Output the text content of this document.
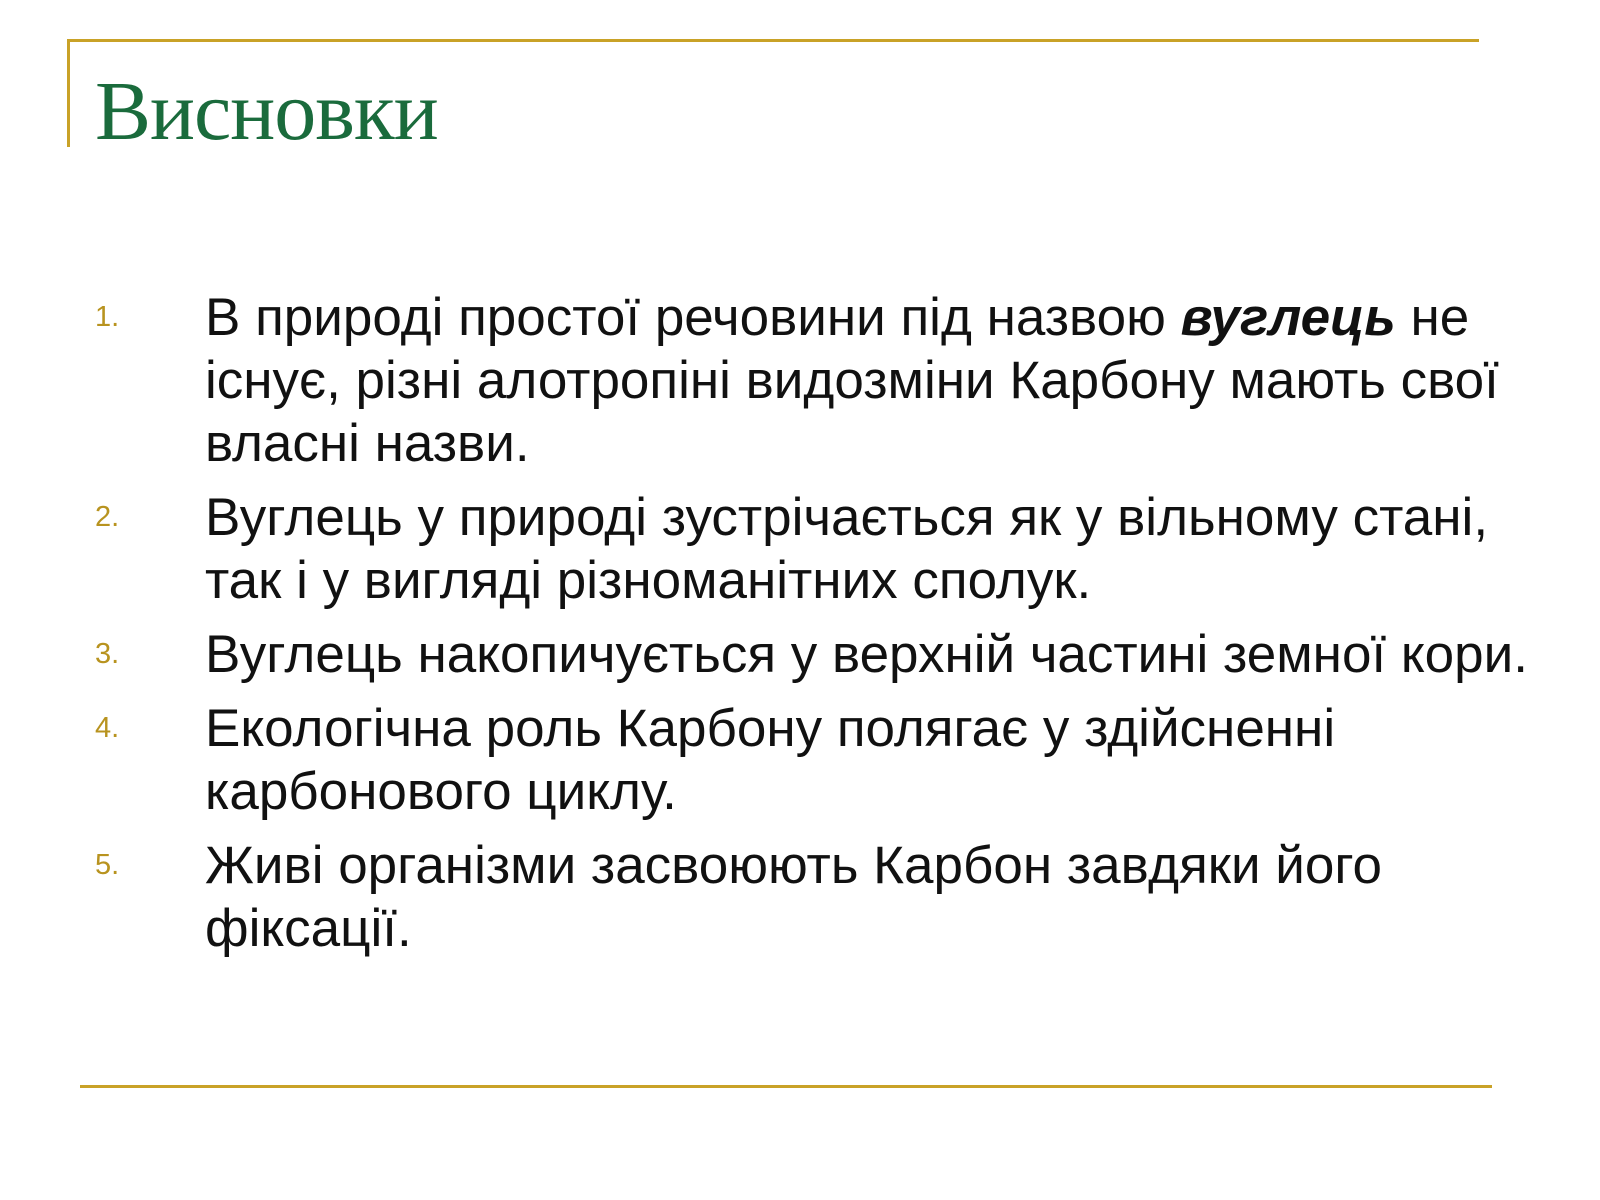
Висновки
1.	В природі простої речовини під назвою вуглець не існує, різні алотропіні видозміни Карбону мають свої власні назви.
2.	Вуглець у природі зустрічається як у вільному стані, так і у вигляді різноманітних сполук.
3.	Вуглець накопичується у верхній частині земної кори.
4.	Екологічна роль Карбону полягає у здійсненні карбонового циклу.
5.	Живі організми засвоюють Карбон завдяки його фіксації.
